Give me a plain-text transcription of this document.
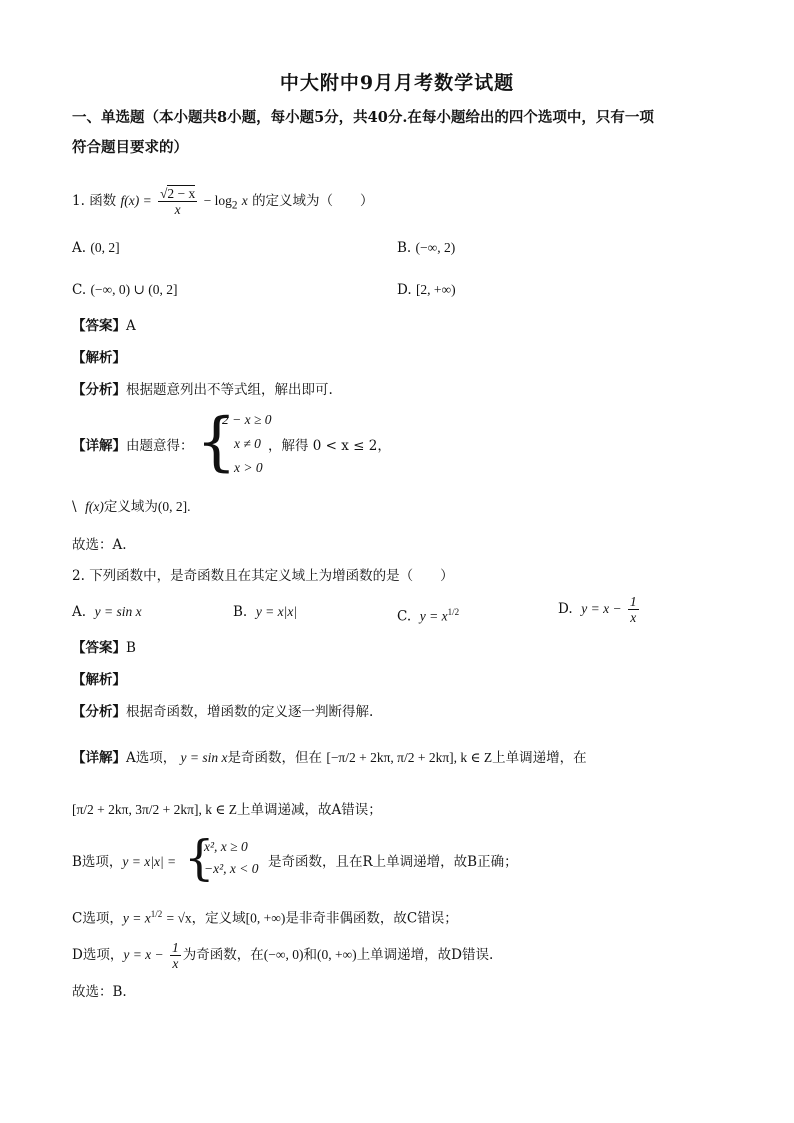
中大附中9月月考数学试题
一、单选题（本小题共8小题，每小题5分，共40分.在每小题给出的四个选项中，只有一项
符合题目要求的）
1. 函数 $f(x) = \frac{√2 - x}{x} - \log_2 x$ 的定义域为（　　）
A. (0, 2]	B. (−∞, 2)
C. (−∞, 0) ∪ (0, 2]	D. [2, +∞)
【答案】A
【解析】
【分析】根据题意列出不等式组，解出即可.
【详解】由题意得： {
2 − x ≥ 0
x ≠ 0
x > 0
，解得 0 < x ≤ 2，
\ f(x)定义域为(0, 2].
故选：A.
2. 下列函数中，是奇函数且在其定义域上为增函数的是（　　）
A. y = sin x	B. y = x|x|	C. $y = x^{1/2}$	D. $y = x - \frac{1}{x}$
【答案】B
【解析】
【分析】根据奇函数，增函数的定义逐一判断得解.
【详解】A选项， y = sin x是奇函数，但在 [−π/2 + 2kπ, π/2 + 2kπ], k ∈ Z上单调递增，在
[π/2 + 2kπ, 3π/2 + 2kπ], k ∈ Z上单调递减，故A错误；
B选项，y = x|x| = {
x², x ≥ 0
−x², x < 0 是奇函数，且在R上单调递增，故B正确；
C选项，$y = x^{1/2} = √x$，定义域[0, +∞)是非奇非偶函数，故C错误；
D选项，$y = x - \frac{1}{x}$ 为奇函数，在(−∞, 0)和(0, +∞)上单调递增，故D错误.
故选：B.
